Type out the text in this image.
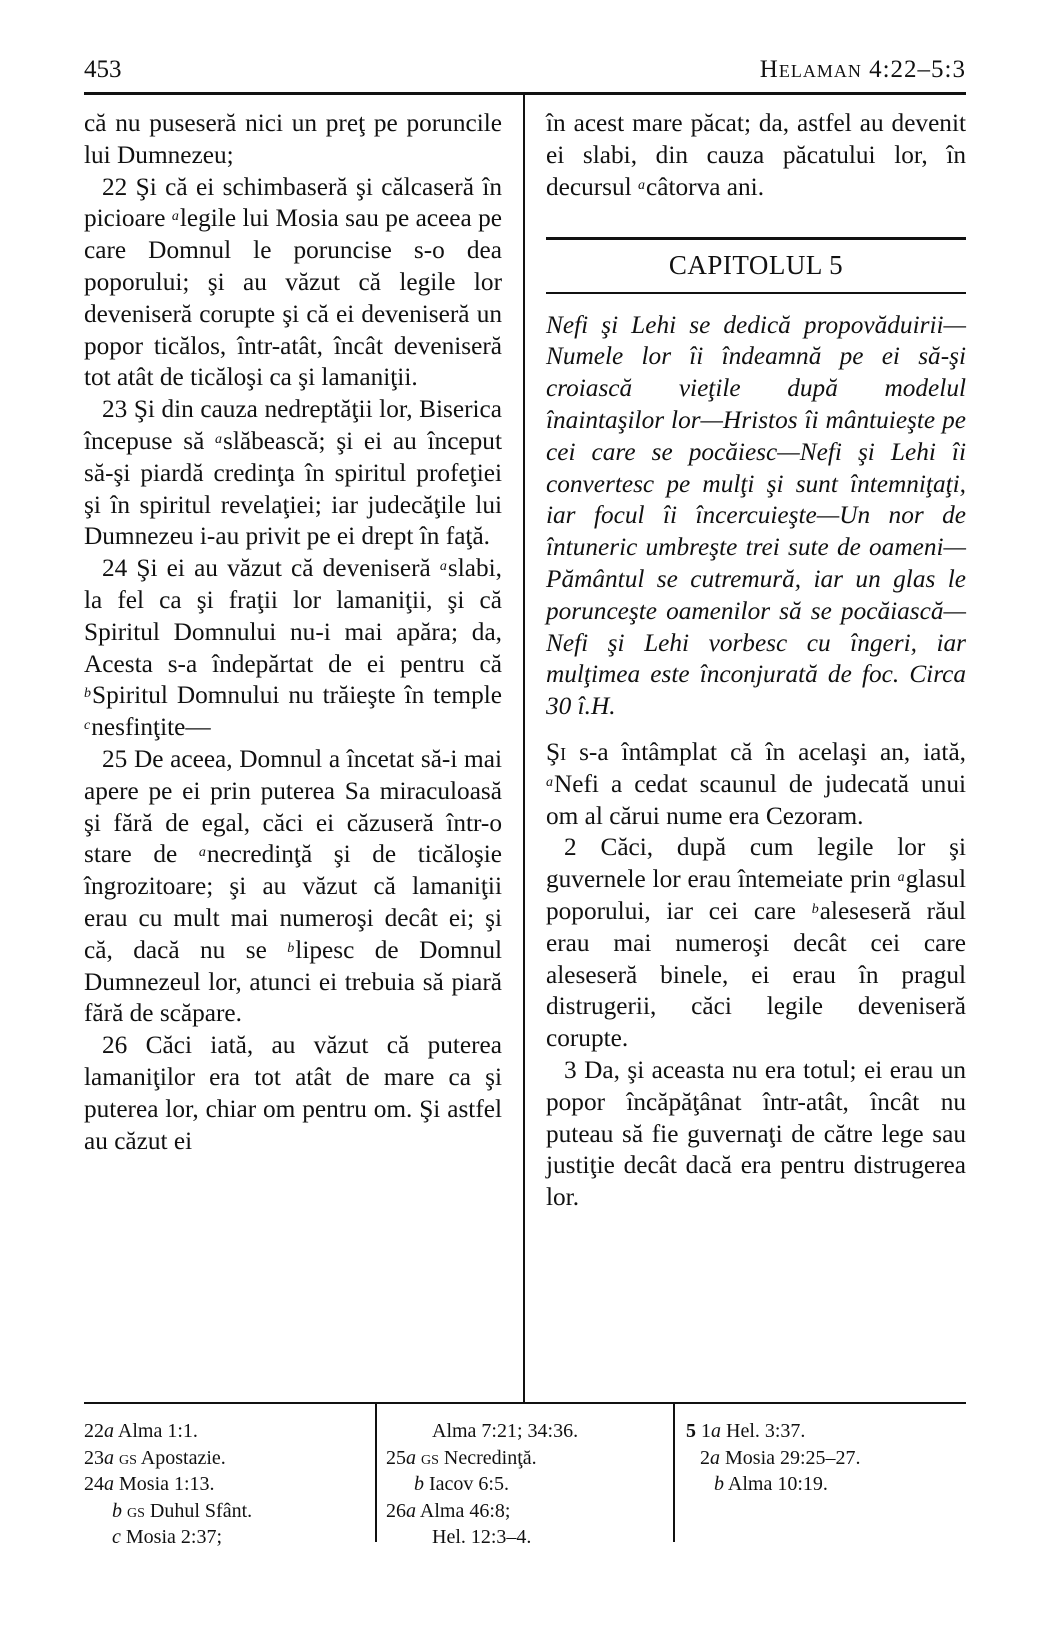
453	Helaman 4:22–5:3

că nu puseseră nici un preţ pe poruncile lui Dumnezeu;

22 Şi că ei schimbaseră şi călcaseră în picioare $^a$legile lui Mosia sau pe aceea pe care Domnul le poruncise s-o dea poporului; şi au văzut că legile lor deveniseră corupte şi că ei deveniseră un popor ticălos, într-atât, încât deveniseră tot atât de ticăloşi ca şi lamaniţii.

23 Şi din cauza nedreptăţii lor, Biserica începuse să $^a$slăbească; şi ei au început să-şi piardă credinţa în spiritul profeţiei şi în spiritul revelaţiei; iar judecăţile lui Dumnezeu i-au privit pe ei drept în faţă.

24 Şi ei au văzut că deveniseră $^a$slabi, la fel ca şi fraţii lor lamaniţii, şi că Spiritul Domnului nu-i mai apăra; da, Acesta s-a îndepărtat de ei pentru că $^b$Spiritul Domnului nu trăieşte în temple $^c$nesfinţite—

25 De aceea, Domnul a încetat să-i mai apere pe ei prin puterea Sa miraculoasă şi fără de egal, căci ei căzuseră într-o stare de $^a$necredinţă şi de ticăloşie îngrozitoare; şi au văzut că lamaniţii erau cu mult mai numeroşi decât ei; şi că, dacă nu se $^b$lipesc de Domnul Dumnezeul lor, atunci ei trebuia să piară fără de scăpare.

26 Căci iată, au văzut că puterea lamaniţilor era tot atât de mare ca şi puterea lor, chiar om pentru om. Şi astfel au căzut ei

în acest mare păcat; da, astfel au devenit ei slabi, din cauza păcatului lor, în decursul $^a$câtorva ani.

CAPITOLUL 5

Nefi şi Lehi se dedică propovăduirii—Numele lor îi îndeamnă pe ei să-şi croiască vieţile după modelul înaintaşilor lor—Hristos îi mântuieşte pe cei care se pocăiesc—Nefi şi Lehi îi convertesc pe mulţi şi sunt întemniţaţi, iar focul îi încercuieşte—Un nor de întuneric umbreşte trei sute de oameni—Pământul se cutremură, iar un glas le porunceşte oamenilor să se pocăiască—Nefi şi Lehi vorbesc cu îngeri, iar mulţimea este înconjurată de foc. Circa 30 î.H.

Şi s-a întâmplat că în acelaşi an, iată, $^a$Nefi a cedat scaunul de judecată unui om al cărui nume era Cezoram.

2 Căci, după cum legile lor şi guvernele lor erau întemeiate prin $^a$glasul poporului, iar cei care $^b$aleseseră răul erau mai numeroşi decât cei care aleseseră binele, ei erau în pragul distrugerii, căci legile deveniseră corupte.

3 Da, şi aceasta nu era totul; ei erau un popor încăpăţânat într-atât, încât nu puteau să fie guvernaţi de către lege sau justiţie decât dacă era pentru distrugerea lor.

22a Alma 1:1.
23a gs Apostazie.
24a Mosia 1:13.
b gs Duhul Sfânt.
c Mosia 2:37;
Alma 7:21; 34:36.
25a gs Necredinţă.
b Iacov 6:5.
26a Alma 46:8;
Hel. 12:3–4.
5 1a Hel. 3:37.
2a Mosia 29:25–27.
b Alma 10:19.
